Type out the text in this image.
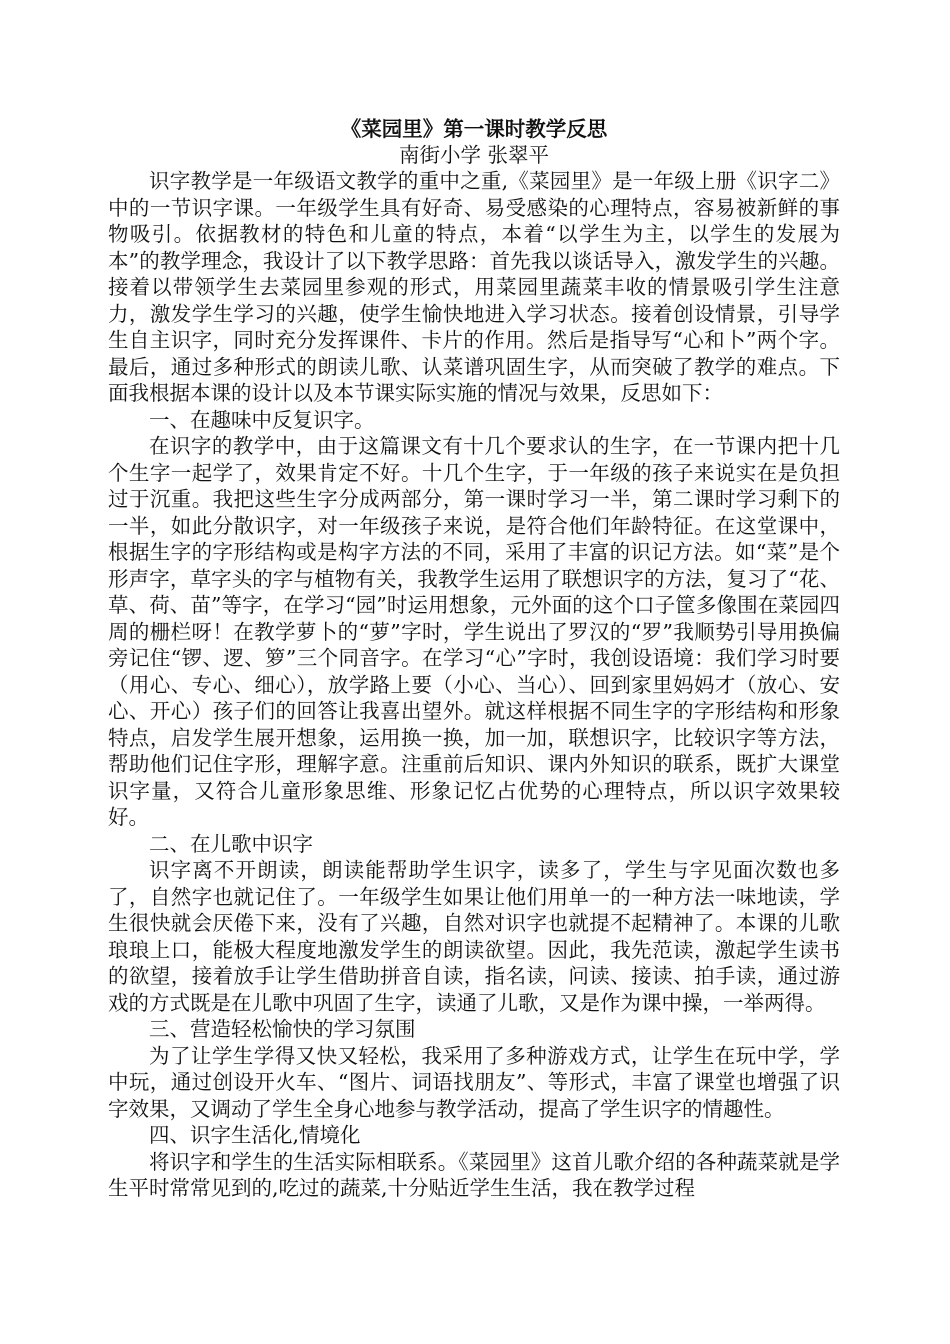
《菜园里》第一课时教学反思
南街小学 张翠平

识字教学是一年级语文教学的重中之重,《菜园里》是一年级上册《识字二》中的一节识字课。一年级学生具有好奇、易受感染的心理特点，容易被新鲜的事物吸引。依据教材的特色和儿童的特点，本着“以学生为主，以学生的发展为本”的教学理念，我设计了以下教学思路：首先我以谈话导入，激发学生的兴趣。接着以带领学生去菜园里参观的形式，用菜园里蔬菜丰收的情景吸引学生注意力，激发学生学习的兴趣，使学生愉快地进入学习状态。接着创设情景，引导学生自主识字，同时充分发挥课件、卡片的作用。然后是指导写“心和卜”两个字。最后，通过多种形式的朗读儿歌、认菜谱巩固生字，从而突破了教学的难点。下面我根据本课的设计以及本节课实际实施的情况与效果，反思如下：

一、在趣味中反复识字。

在识字的教学中，由于这篇课文有十几个要求认的生字，在一节课内把十几个生字一起学了，效果肯定不好。十几个生字，于一年级的孩子来说实在是负担过于沉重。我把这些生字分成两部分，第一课时学习一半，第二课时学习剩下的一半，如此分散识字，对一年级孩子来说，是符合他们年龄特征。在这堂课中，根据生字的字形结构或是构字方法的不同，采用了丰富的识记方法。如“菜”是个形声字，草字头的字与植物有关，我教学生运用了联想识字的方法，复习了“花、草、荷、苗”等字，在学习“园”时运用想象，元外面的这个口子筐多像围在菜园四周的栅栏呀！在教学萝卜的“萝”字时，学生说出了罗汉的“罗”我顺势引导用换偏旁记住“锣、逻、箩”三个同音字。在学习“心”字时，我创设语境：我们学习时要（用心、专心、细心），放学路上要（小心、当心）、回到家里妈妈才（放心、安心、开心）孩子们的回答让我喜出望外。就这样根据不同生字的字形结构和形象特点，启发学生展开想象，运用换一换，加一加，联想识字，比较识字等方法，帮助他们记住字形，理解字意。注重前后知识、课内外知识的联系，既扩大课堂识字量，又符合儿童形象思维、形象记忆占优势的心理特点，所以识字效果较好。

二、在儿歌中识字

识字离不开朗读，朗读能帮助学生识字，读多了，学生与字见面次数也多了，自然字也就记住了。一年级学生如果让他们用单一的一种方法一味地读，学生很快就会厌倦下来，没有了兴趣，自然对识字也就提不起精神了。本课的儿歌琅琅上口，能极大程度地激发学生的朗读欲望。因此，我先范读，激起学生读书的欲望，接着放手让学生借助拼音自读，指名读，问读、接读、拍手读，通过游戏的方式既是在儿歌中巩固了生字，读通了儿歌，又是作为课中操，一举两得。

三、营造轻松愉快的学习氛围

为了让学生学得又快又轻松，我采用了多种游戏方式，让学生在玩中学，学中玩，通过创设开火车、“图片、词语找朋友”、等形式，丰富了课堂也增强了识字效果，又调动了学生全身心地参与教学活动，提高了学生识字的情趣性。

四、识字生活化,情境化

将识字和学生的生活实际相联系。《菜园里》这首儿歌介绍的各种蔬菜就是学生平时常常见到的,吃过的蔬菜,十分贴近学生生活，我在教学过程
